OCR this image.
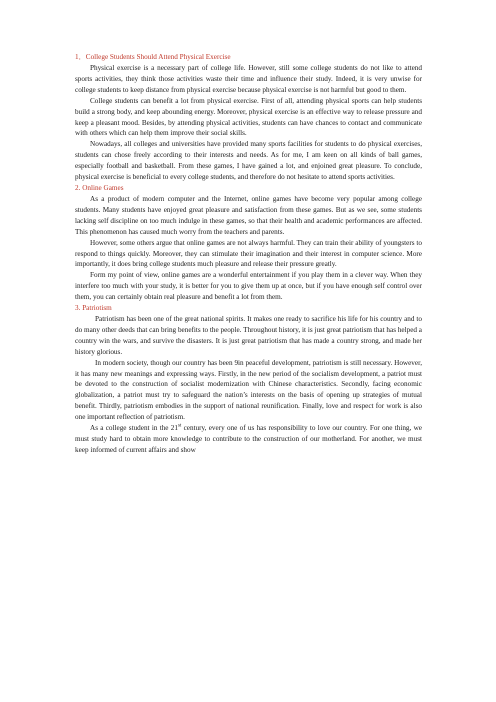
1．College Students Should Attend Physical Exercise

Physical exercise is a necessary part of college life. However, still some college students do not like to attend sports activities, they think those activities waste their time and influence their study. Indeed, it is very unwise for college students to keep distance from physical exercise because physical exercise is not harmful but good to them.

College students can benefit a lot from physical exercise. First of all, attending physical sports can help students build a strong body, and keep abounding energy. Moreover, physical exercise is an effective way to release pressure and keep a pleasant mood. Besides, by attending physical activities, students can have chances to contact and communicate with others which can help them improve their social skills.

Nowadays, all colleges and universities have provided many sports facilities for students to do physical exercises, students can chose freely according to their interests and needs. As for me, I am keen on all kinds of ball games, especially football and basketball. From these games, I have gained a lot, and enjoined great pleasure. To conclude, physical exercise is beneficial to every college students, and therefore do not hesitate to attend sports activities.

2. Online Games

As a product of modern computer and the Internet, online games have become very popular among college students. Many students have enjoyed great pleasure and satisfaction from these games. But as we see, some students lacking self discipline on too much indulge in these games, so that their health and academic performances are affected. This phenomenon has caused much worry from the teachers and parents.

However, some others argue that online games are not always harmful. They can train their ability of youngsters to respond to things quickly. Moreover, they can stimulate their imagination and their interest in computer science. More importantly, it does bring college students much pleasure and release their pressure greatly.

Form my point of view, online games are a wonderful entertainment if you play them in a clever way. When they interfere too much with your study, it is better for you to give them up at once, but if you have enough self control over them, you can certainly obtain real pleasure and benefit a lot from them.

3. Patriotism

Patriotism has been one of the great national spirits. It makes one ready to sacrifice his life for his country and to do many other deeds that can bring benefits to the people. Throughout history, it is just great patriotism that has helped a country win the wars, and survive the disasters. It is just great patriotism that has made a country strong, and made her history glorious.

In modern society, though our country has been 9in peaceful development, patriotism is still necessary. However, it has many new meanings and expressing ways. Firstly, in the new period of the socialism development, a patriot must be devoted to the construction of socialist modernization with Chinese characteristics. Secondly, facing economic globalization, a patriot must try to safeguard the nation’s interests on the basis of opening up strategies of mutual benefit. Thirdly, patriotism embodies in the support of national reunification. Finally, love and respect for work is also one important reflection of patriotism.

As a college student in the 21st century, every one of us has responsibility to love our country. For one thing, we must study hard to obtain more knowledge to contribute to the construction of our motherland. For another, we must keep informed of current affairs and show
